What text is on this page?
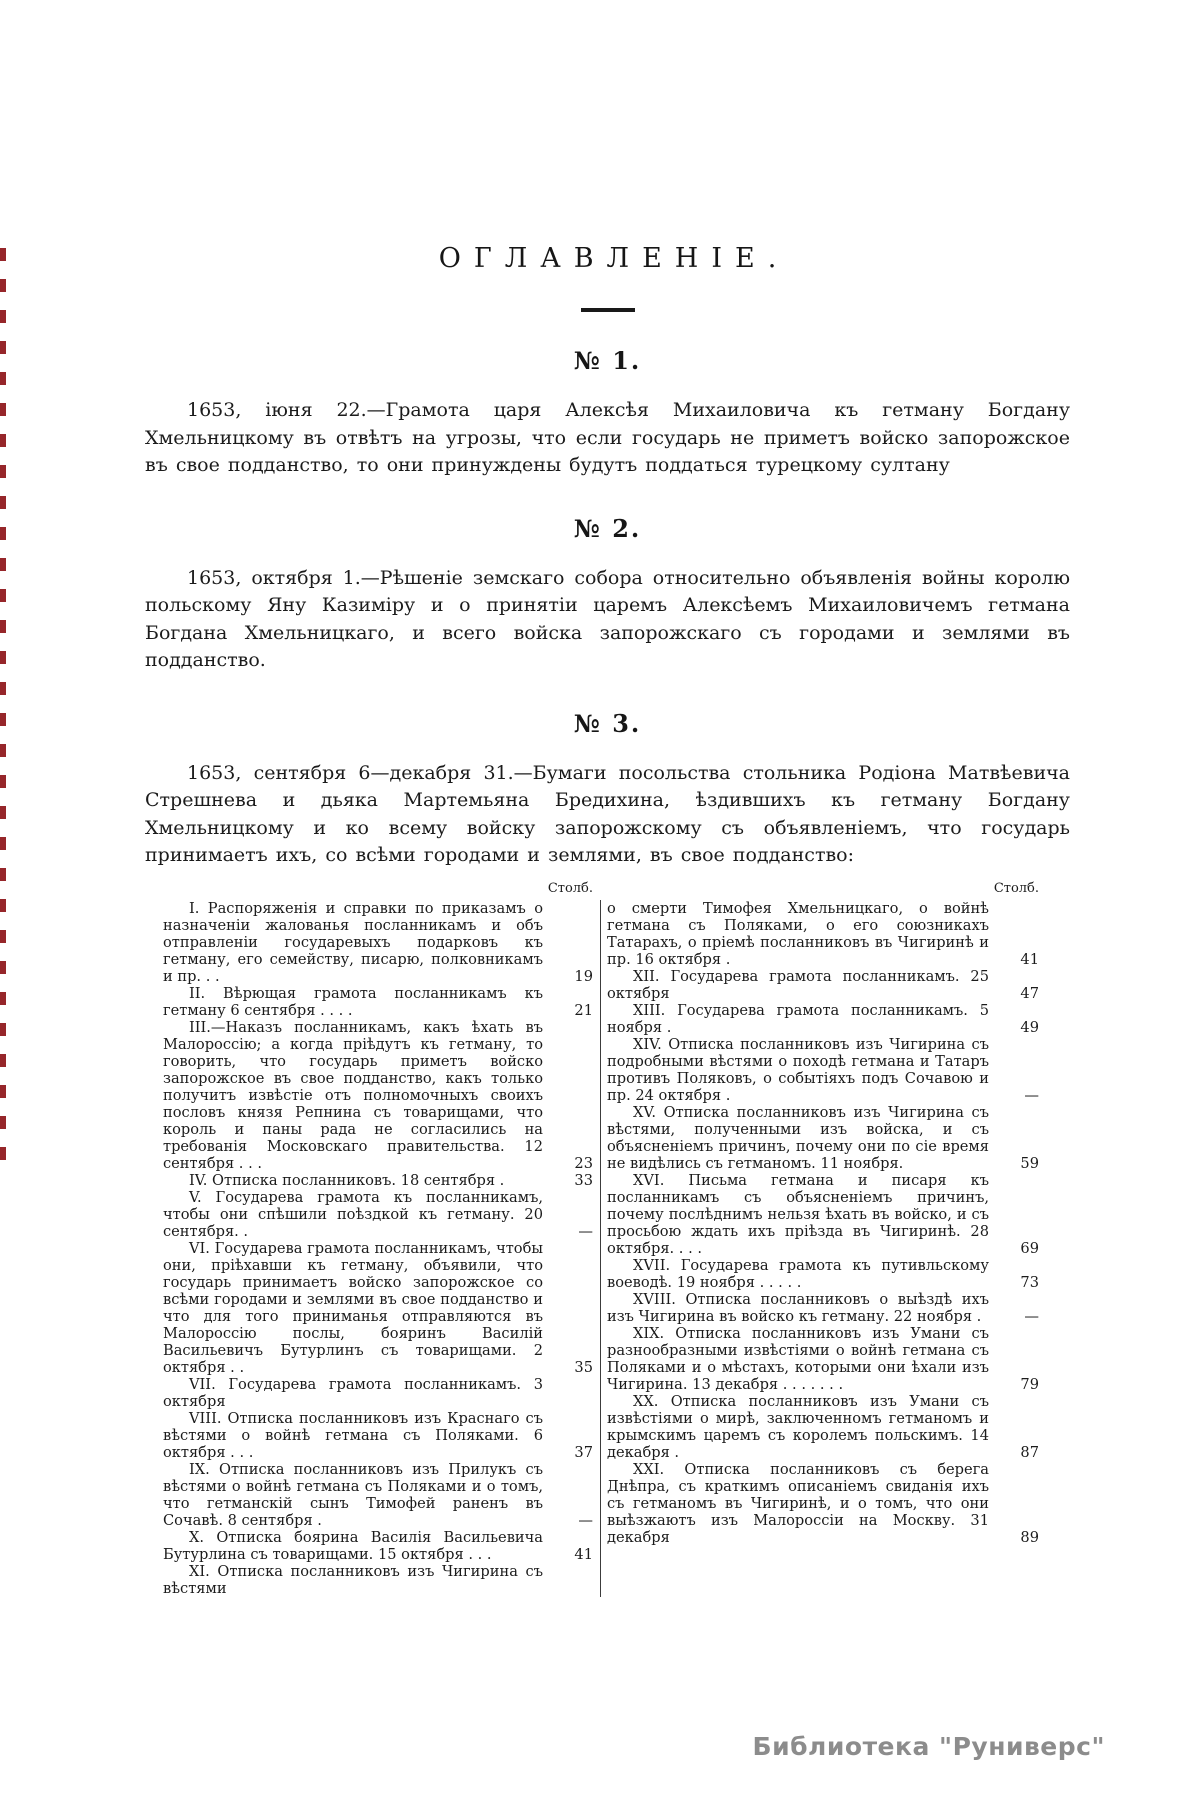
ОГЛАВЛЕНІЕ.
№ 1.

1653, іюня 22.—Грамота царя Алексѣя Михаиловича къ гетману Богдану Хмельницкому въ отвѣтъ на угрозы, что если государь не приметъ войско запорожское въ свое подданство, то они принуждены будутъ поддаться турецкому султану

№ 2.

1653, октября 1.—Рѣшеніе земскаго собора относительно объявленія войны королю польскому Яну Казиміру и о принятіи царемъ Алексѣемъ Михаиловичемъ гетмана Богдана Хмельницкаго, и всего войска запорожскаго съ городами и землями въ подданство.

№ 3.

1653, сентября 6—декабря 31.—Бумаги посольства стольника Родіона Матвѣевича Стрешнева и дьяка Мартемьяна Бредихина, ѣздившихъ къ гетману Богдану Хмельницкому и ко всему войску запорожскому съ объявленіемъ, что государь принимаетъ ихъ, со всѣми городами и землями, въ свое подданство:

Столб.	Столб.
I. Распоряженія и справки по приказамъ о назначеніи жалованья посланникамъ и объ отправленіи государевыхъ подарковъ къ гетману, его семейству, писарю, полковникамъ и пр. . .	19
II. Вѣрющая грамота посланникамъ къ гетману 6 сентября . . . .	21
III.—Наказъ посланникамъ, какъ ѣхать въ Малороссію; а когда пріѣдутъ къ гетману, то говорить, что государь приметъ войско запорожское въ свое подданство, какъ только получитъ извѣстіе отъ полномочныхъ своихъ пословъ князя Репнина съ товарищами, что король и паны рада не согласились на требованія Московскаго правительства. 12 сентября . . .	23
IV. Отписка посланниковъ. 18 сентября .	33
V. Государева грамота къ посланникамъ, чтобы они спѣшили поѣздкой къ гетману. 20 сентября. .	—
VI. Государева грамота посланникамъ, чтобы они, пріѣхавши къ гетману, объявили, что государь принимаетъ войско запорожское со всѣми городами и землями въ свое подданство и что для того приниманья отправляются въ Малороссію послы, бояринъ Василій Васильевичъ Бутурлинъ съ товарищами. 2 октября . .	35
VII. Государева грамота посланникамъ. 3 октября
VIII. Отписка посланниковъ изъ Краснаго съ вѣстями о войнѣ гетмана съ Поляками. 6 октября . . .	37
IX. Отписка посланниковъ изъ Прилукъ съ вѣстями о войнѣ гетмана съ Поляками и о томъ, что гетманскій сынъ Тимофей раненъ въ Сочавѣ. 8 сентября .	—
X. Отписка боярина Василія Васильевича Бутурлина съ товарищами. 15 октября . . .	41
XI. Отписка посланниковъ изъ Чигирина съ вѣстями
о смерти Тимофея Хмельницкаго, о войнѣ гетмана съ Поляками, о его союзникахъ Татарахъ, о пріемѣ посланниковъ въ Чигиринѣ и пр. 16 октября .	41
XII. Государева грамота посланникамъ. 25 октября	47
XIII. Государева грамота посланникамъ. 5 ноября .	49
XIV. Отписка посланниковъ изъ Чигирина съ подробными вѣстями о походѣ гетмана и Татаръ противъ Поляковъ, о событіяхъ подъ Сочавою и пр. 24 октября .	—
XV. Отписка посланниковъ изъ Чигирина съ вѣстями, полученными изъ войска, и съ объясненіемъ причинъ, почему они по сіе время не видѣлись съ гетманомъ. 11 ноября.	59
XVI. Письма гетмана и писаря къ посланникамъ съ объясненіемъ причинъ, почему послѣднимъ нельзя ѣхать въ войско, и съ просьбою ждать ихъ пріѣзда въ Чигиринѣ. 28 октября. . . .	69
XVII. Государева грамота къ путивльскому воеводѣ. 19 ноября . . . . .	73
XVIII. Отписка посланниковъ о выѣздѣ ихъ изъ Чигирина въ войско къ гетману. 22 ноября .	—
XIX. Отписка посланниковъ изъ Умани съ разнообразными извѣстіями о войнѣ гетмана съ Поляками и о мѣстахъ, которыми они ѣхали изъ Чигирина. 13 декабря . . . . . . .	79
XX. Отписка посланниковъ изъ Умани съ извѣстіями о мирѣ, заключенномъ гетманомъ и крымскимъ царемъ съ королемъ польскимъ. 14 декабря .	87
XXI. Отписка посланниковъ съ берега Днѣпра, съ краткимъ описаніемъ свиданія ихъ съ гетманомъ въ Чигиринѣ, и о томъ, что они выѣзжаютъ изъ Малороссіи на Москву. 31 декабря	89
Библиотека "Руниверс"
